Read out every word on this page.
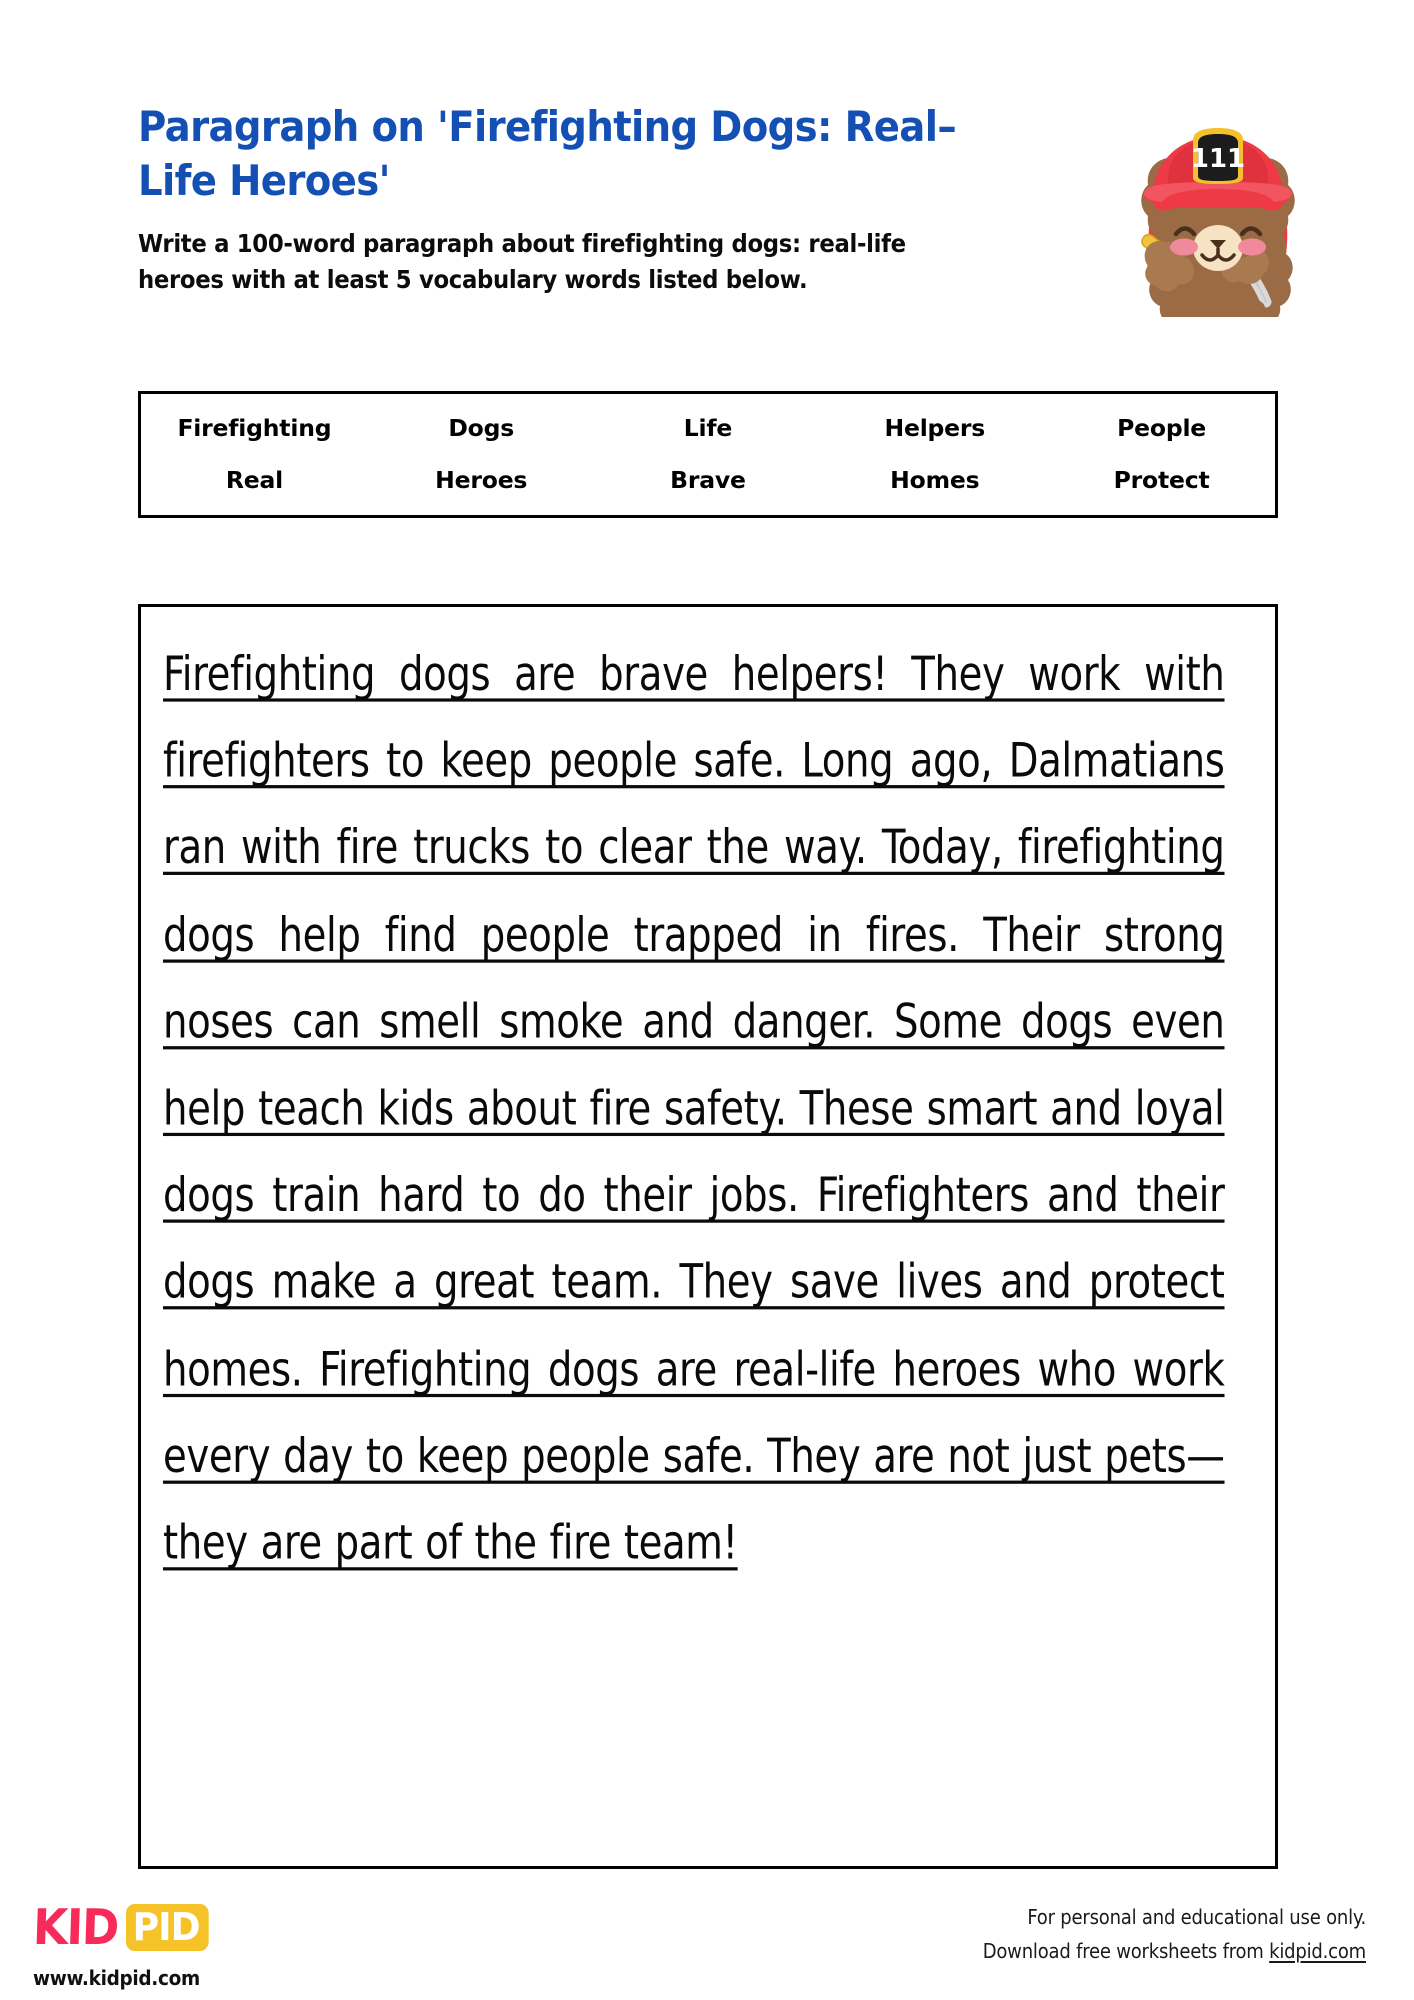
Paragraph on 'Firefighting Dogs: Real–Life Heroes'
Write a 100-word paragraph about firefighting dogs: real-life heroes with at least 5 vocabulary words listed below.
111
Firefighting	Dogs	Life	Helpers	People
Real	Heroes	Brave	Homes	Protect
Firefighting dogs are brave helpers! They work with firefighters to keep people safe. Long ago, Dalmatians ran with fire trucks to clear the way. Today, firefighting dogs help find people trapped in fires. Their strong noses can smell smoke and danger. Some dogs even help teach kids about fire safety. These smart and loyal dogs train hard to do their jobs. Firefighters and their dogs make a great team. They save lives and protect homes. Firefighting dogs are real-life heroes who work every day to keep people safe. They are not just pets—they are part of the fire team!
KID PID
www.kidpid.com
For personal and educational use only.
Download free worksheets from kidpid.com
